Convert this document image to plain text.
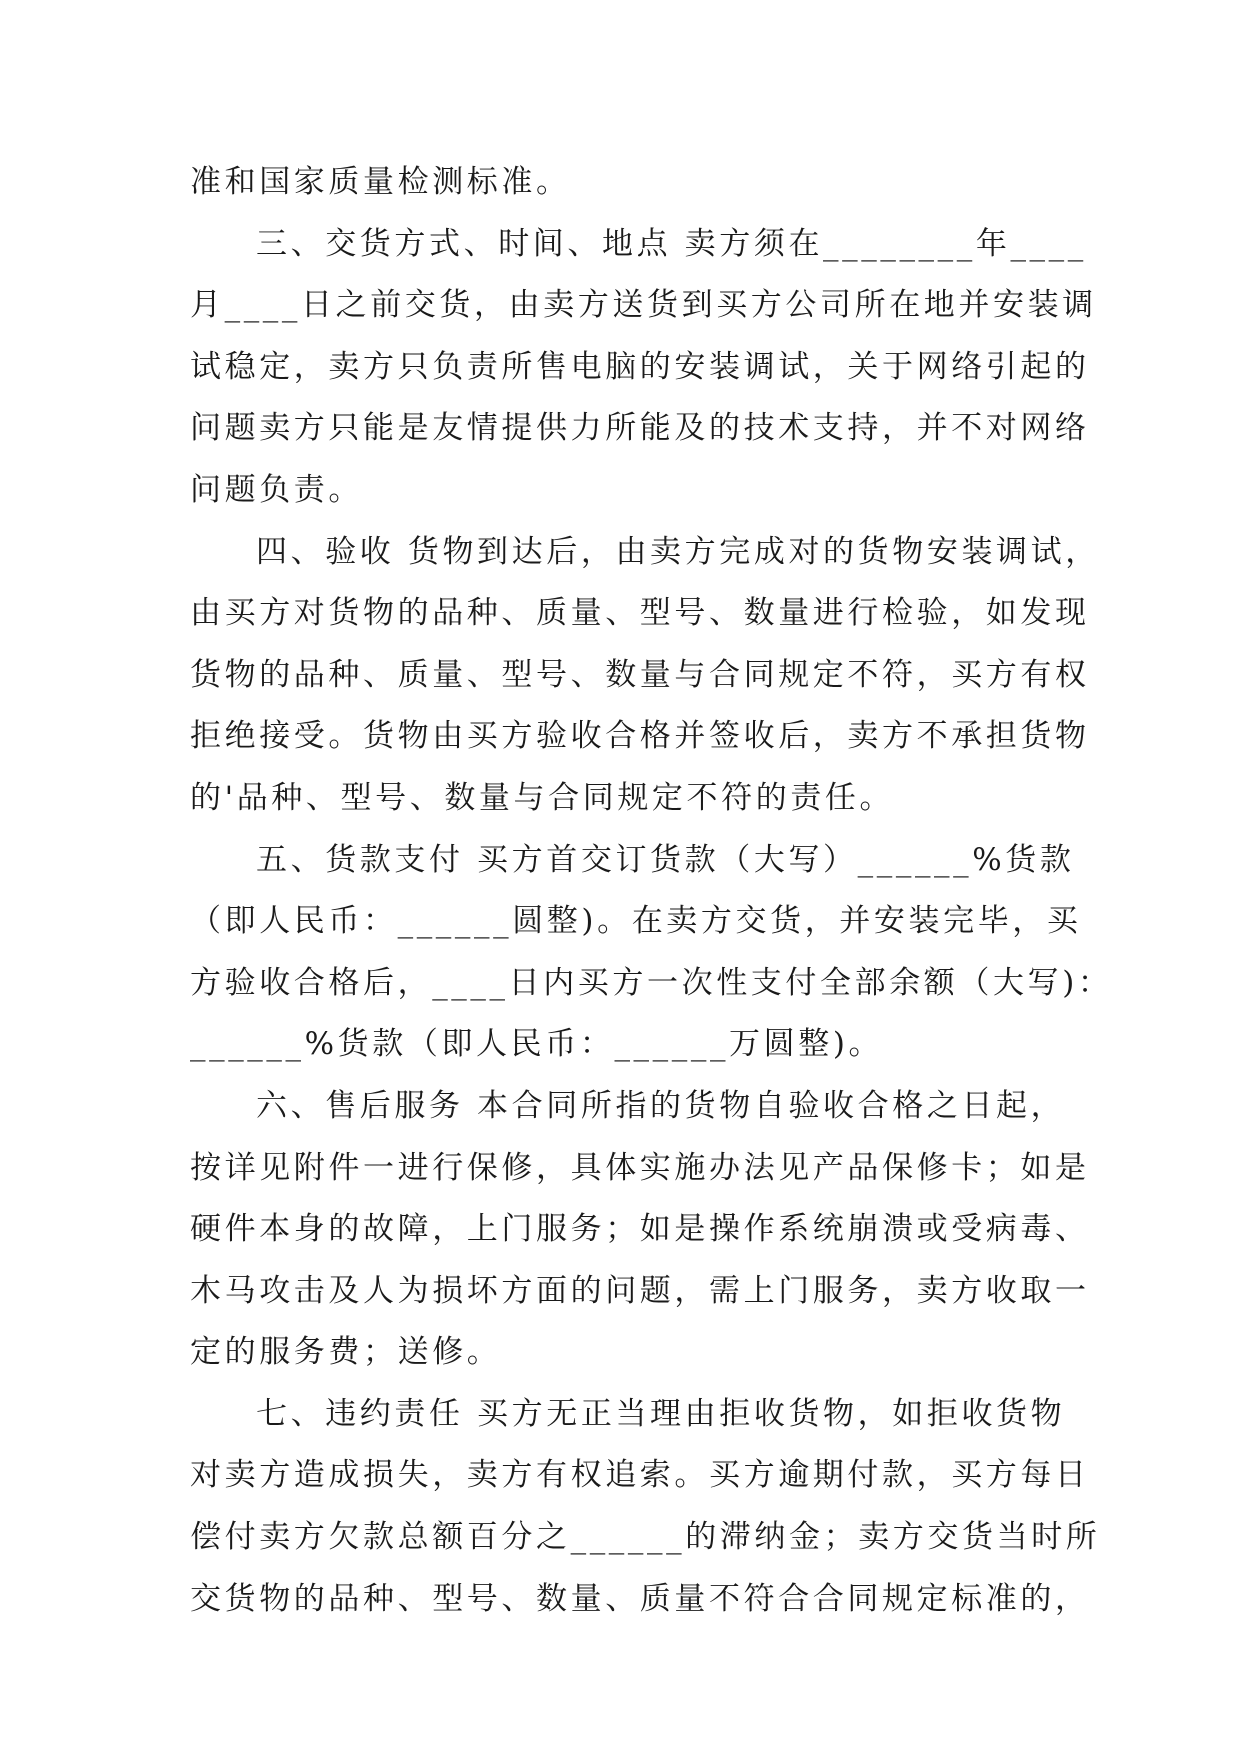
准和国家质量检测标准。
三、交货方式、时间、地点 卖方须在________年____
月____日之前交货，由卖方送货到买方公司所在地并安装调
试稳定，卖方只负责所售电脑的安装调试，关于网络引起的
问题卖方只能是友情提供力所能及的技术支持，并不对网络
问题负责。
四、验收 货物到达后，由卖方完成对的货物安装调试，
由买方对货物的品种、质量、型号、数量进行检验，如发现
货物的品种、质量、型号、数量与合同规定不符，买方有权
拒绝接受。货物由买方验收合格并签收后，卖方不承担货物
的'品种、型号、数量与合同规定不符的责任。
五、货款支付 买方首交订货款（大写）______%货款
（即人民币：______圆整)。在卖方交货，并安装完毕，买
方验收合格后，____日内买方一次性支付全部余额（大写)：
______%货款（即人民币：______万圆整)。
六、售后服务 本合同所指的货物自验收合格之日起，
按详见附件一进行保修，具体实施办法见产品保修卡；如是
硬件本身的故障，上门服务；如是操作系统崩溃或受病毒、
木马攻击及人为损坏方面的问题，需上门服务，卖方收取一
定的服务费；送修。
七、违约责任 买方无正当理由拒收货物，如拒收货物
对卖方造成损失，卖方有权追索。买方逾期付款，买方每日
偿付卖方欠款总额百分之______的滞纳金；卖方交货当时所
交货物的品种、型号、数量、质量不符合合同规定标准的，
